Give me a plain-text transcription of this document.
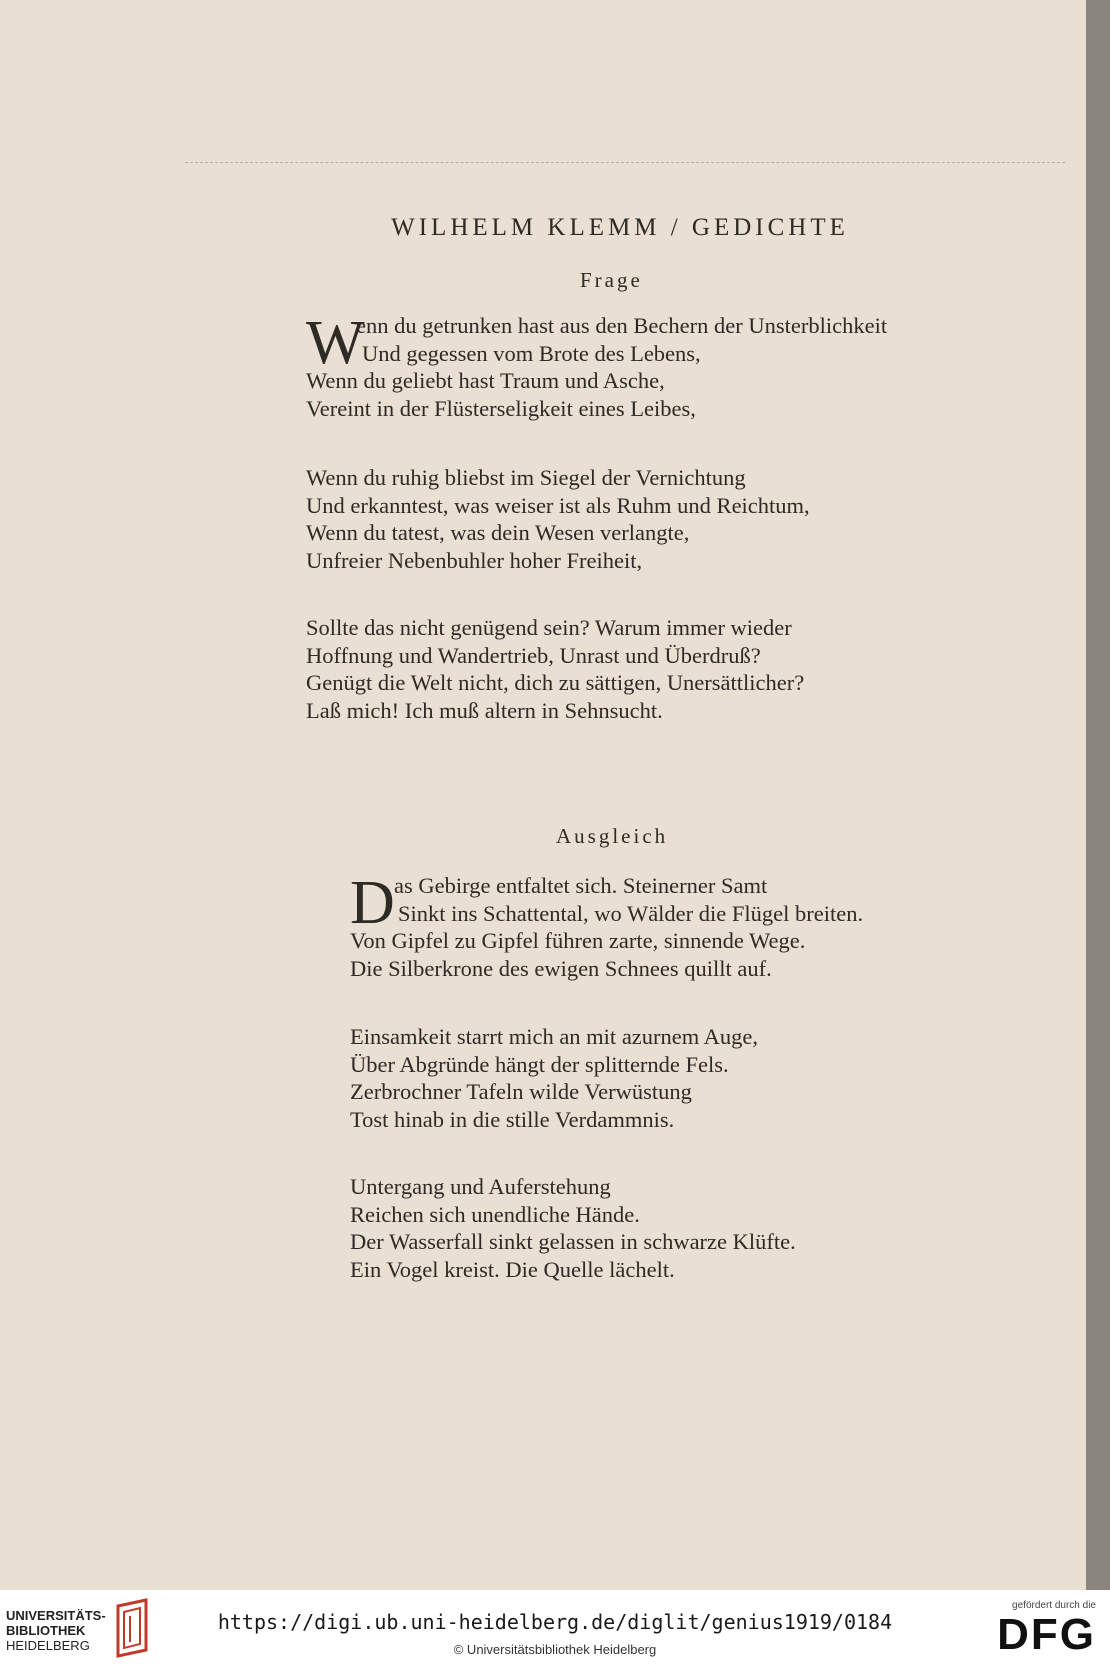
WILHELM KLEMM / GEDICHTE
Frage
W
enn du getrunken hast aus den Bechern der Unsterblichkeit
Und gegessen vom Brote des Lebens,
Wenn du geliebt hast Traum und Asche,
Vereint in der Flüsterseligkeit eines Leibes,
Wenn du ruhig bliebst im Siegel der Vernichtung
Und erkanntest, was weiser ist als Ruhm und Reichtum,
Wenn du tatest, was dein Wesen verlangte,
Unfreier Nebenbuhler hoher Freiheit,
Sollte das nicht genügend sein? Warum immer wieder
Hoffnung und Wandertrieb, Unrast und Überdruß?
Genügt die Welt nicht, dich zu sättigen, Unersättlicher?
Laß mich! Ich muß altern in Sehnsucht.
Ausgleich
D as Gebirge entfaltet sich. Steinerner Samt
Sinkt ins Schattental, wo Wälder die Flügel breiten.
Von Gipfel zu Gipfel führen zarte, sinnende Wege.
Die Silberkrone des ewigen Schnees quillt auf.
Einsamkeit starrt mich an mit azurnem Auge,
Über Abgründe hängt der splitternde Fels.
Zerbrochner Tafeln wilde Verwüstung
Tost hinab in die stille Verdammnis.
Untergang und Auferstehung
Reichen sich unendliche Hände.
Der Wasserfall sinkt gelassen in schwarze Klüfte.
Ein Vogel kreist. Die Quelle lächelt.
UNIVERSITÄTS-
BIBLIOTHEK
HEIDELBERG
https://digi.ub.uni-heidelberg.de/diglit/genius1919/0184
© Universitätsbibliothek Heidelberg
gefördert durch die
DFG
